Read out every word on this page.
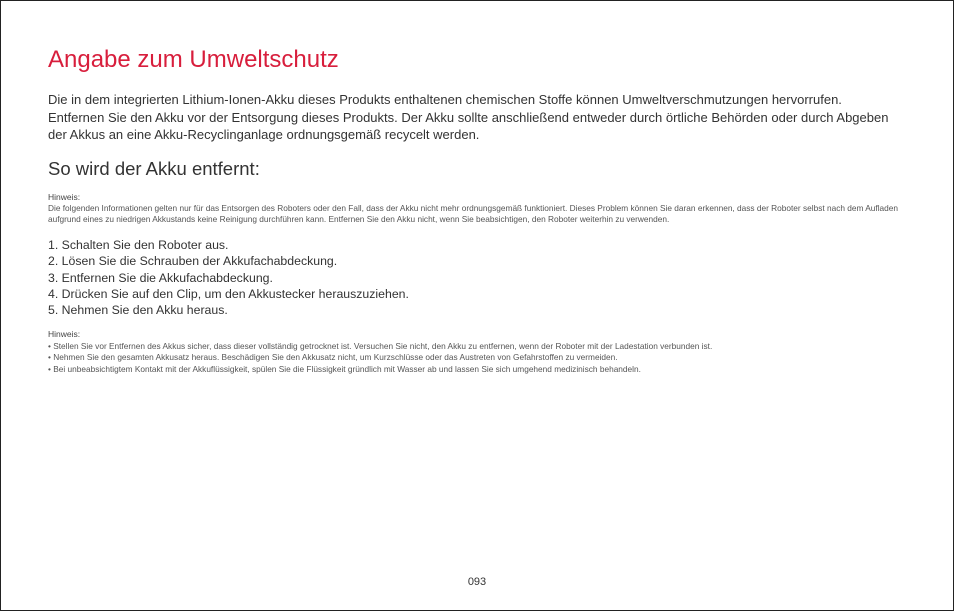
Angabe zum Umweltschutz

Die in dem integrierten Lithium-Ionen-Akku dieses Produkts enthaltenen chemischen Stoffe können Umweltverschmutzungen hervorrufen. Entfernen Sie den Akku vor der Entsorgung dieses Produkts. Der Akku sollte anschließend entweder durch örtliche Behörden oder durch Abgeben der Akkus an eine Akku-Recyclinganlage ordnungsgemäß recycelt werden.

So wird der Akku entfernt:

Hinweis:

Die folgenden Informationen gelten nur für das Entsorgen des Roboters oder den Fall, dass der Akku nicht mehr ordnungsgemäß funktioniert. Dieses Problem können Sie daran erkennen, dass der Roboter selbst nach dem Aufladen aufgrund eines zu niedrigen Akkustands keine Reinigung durchführen kann. Entfernen Sie den Akku nicht, wenn Sie beabsichtigen, den Roboter weiterhin zu verwenden.

1. Schalten Sie den Roboter aus.
2. Lösen Sie die Schrauben der Akkufachabdeckung.
3. Entfernen Sie die Akkufachabdeckung.
4. Drücken Sie auf den Clip, um den Akkustecker herauszuziehen.
5. Nehmen Sie den Akku heraus.

Hinweis:

• Stellen Sie vor Entfernen des Akkus sicher, dass dieser vollständig getrocknet ist. Versuchen Sie nicht, den Akku zu entfernen, wenn der Roboter mit der Ladestation verbunden ist.
• Nehmen Sie den gesamten Akkusatz heraus. Beschädigen Sie den Akkusatz nicht, um Kurzschlüsse oder das Austreten von Gefahrstoffen zu vermeiden.
• Bei unbeabsichtigtem Kontakt mit der Akkuflüssigkeit, spülen Sie die Flüssigkeit gründlich mit Wasser ab und lassen Sie sich umgehend medizinisch behandeln.
093
